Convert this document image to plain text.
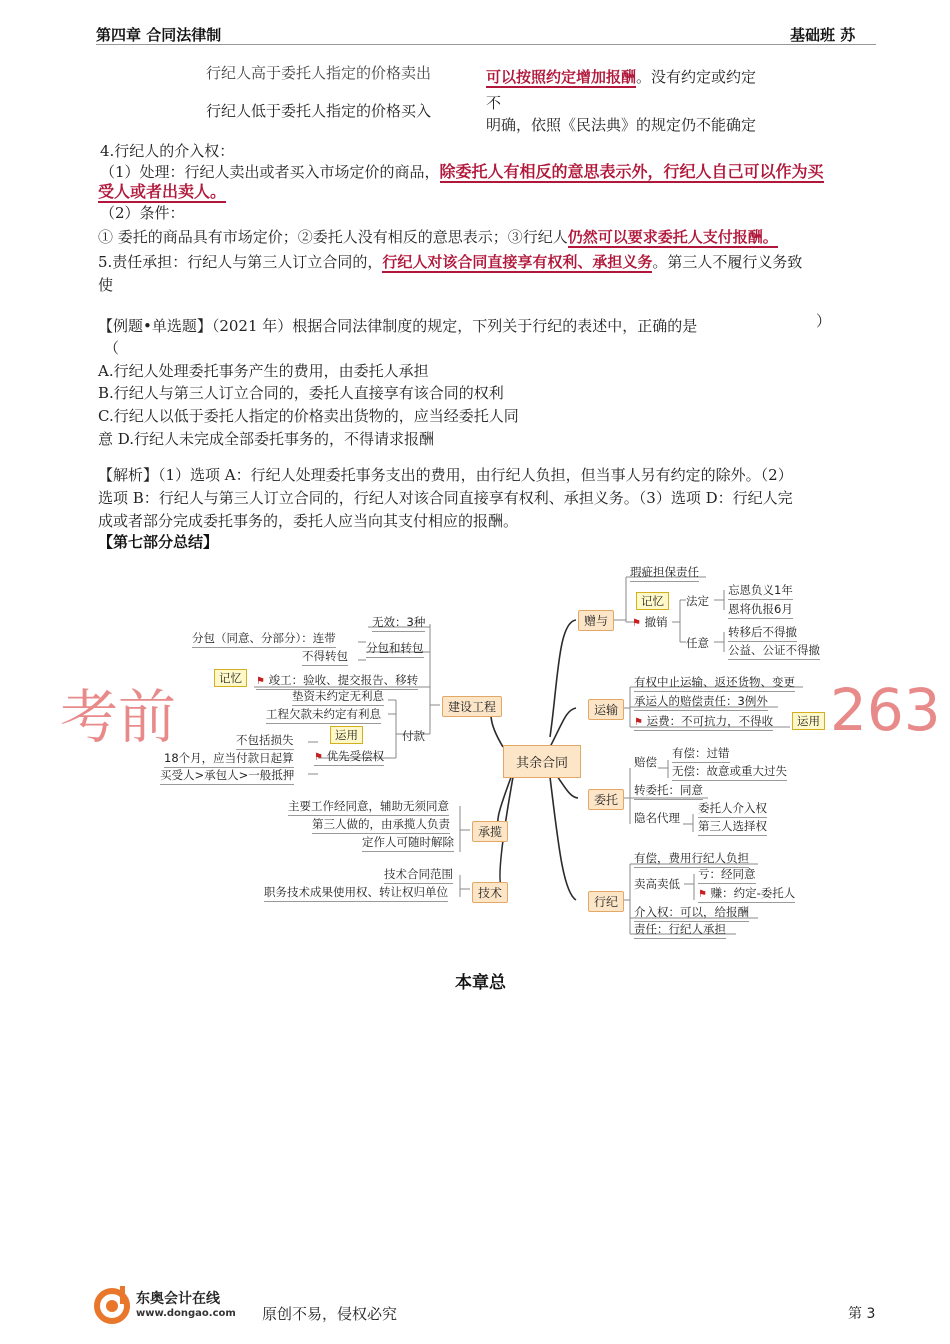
第四章 合同法律制	基础班 苏
行纪人高于委托人指定的价格卖出	可以按照约定增加报酬。没有约定或约定
行纪人低于委托人指定的价格买入	不
明确，依照《民法典》的规定仍不能确定
4.行纪人的介入权：
（1）处理：行纪人卖出或者买入市场定价的商品，除委托人有相反的意思表示外，行纪人自己可以作为买
受人或者出卖人。
（2）条件：
① 委托的商品具有市场定价；②委托人没有相反的意思表示；③行纪人仍然可以要求委托人支付报酬。
5.责任承担：行纪人与第三人订立合同的，行纪人对该合同直接享有权利、承担义务。第三人不履行义务致
使
【例题•单选题】（2021 年）根据合同法律制度的规定，下列关于行纪的表述中，正确的是	）
（
A.行纪人处理委托事务产生的费用，由委托人承担
B.行纪人与第三人订立合同的，委托人直接享有该合同的权利
C.行纪人以低于委托人指定的价格卖出货物的，应当经委托人同
意 D.行纪人未完成全部委托事务的，不得请求报酬
【解析】（1）选项 A：行纪人处理委托事务支出的费用，由行纪人负担，但当事人另有约定的除外。（2）
选项 B：行纪人与第三人订立合同的，行纪人对该合同直接享有权利、承担义务。（3）选项 D：行纪人完
成或者部分完成委托事务的，委托人应当向其支付相应的报酬。
【第七部分总结】
其余合同
赠与
瑕疵担保责任
记忆
⚑ 撤销
法定
忘恩负义1年
恩将仇报6月
任意
转移后不得撤
公益、公证不得撤
运输
有权中止运输、返还货物、变更
承运人的赔偿责任：3例外
⚑ 运费：不可抗力，不得收	运用
委托
赔偿
有偿：过错
无偿：故意或重大过失
转委托：同意
隐名代理
委托人介入权
第三人选择权
行纪
有偿，费用行纪人负担
卖高卖低
亏：经同意
⚑ 赚：约定-委托人
介入权：可以，给报酬
责任：行纪人承担
建设工程
无效：3种
分包和转包
分包（同意、分部分）：连带
不得转包
记忆	⚑ 竣工：验收、提交报告、移转
垫资未约定无利息
工程欠款未约定有利息
付款
运用
⚑ 优先受偿权
不包括损失
18个月，应当付款日起算
买受人>承包人>一般抵押
承揽
主要工作经同意，辅助无须同意
第三人做的，由承揽人负责
定作人可随时解除
技术
技术合同范围
职务技术成果使用权、转让权归单位
考前	263
本章总
东奥会计在线
www.dongao.com 原创不易，侵权必究	第 3
